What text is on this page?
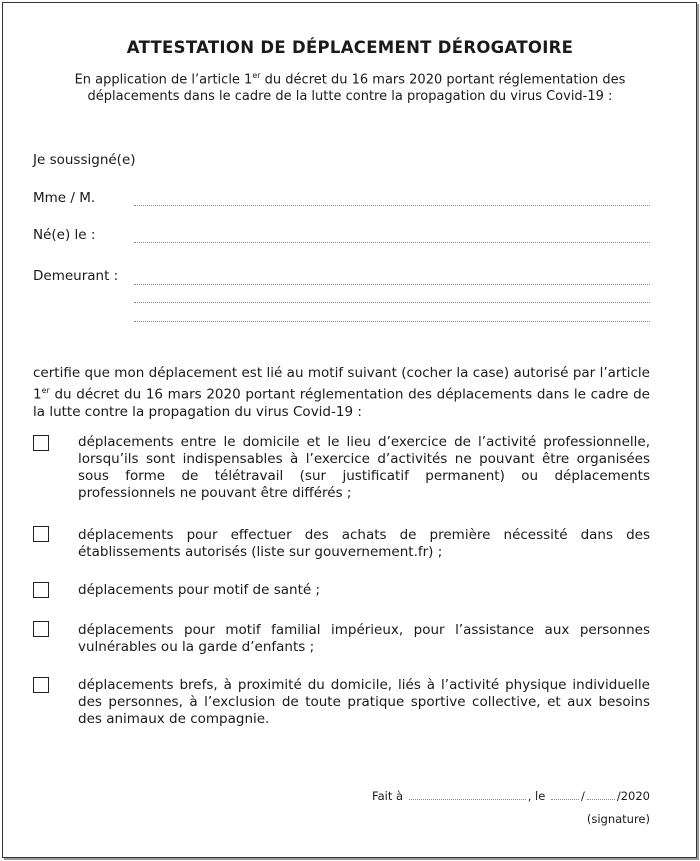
ATTESTATION DE DÉPLACEMENT DÉROGATOIRE
En application de l’article 1er du décret du 16 mars 2020 portant réglementation des
déplacements dans le cadre de la lutte contre la propagation du virus Covid-19 :
Je soussigné(e)
Mme / M.
Né(e) le :
Demeurant :
certifie que mon déplacement est lié au motif suivant (cocher la case) autorisé par l’article 1er du décret du 16 mars 2020 portant réglementation des déplacements dans le cadre de la lutte contre la propagation du virus Covid-19 :
déplacements entre le domicile et le lieu d’exercice de l’activité professionnelle, lorsqu’ils sont indispensables à l’exercice d’activités ne pouvant être organisées sous forme de télétravail (sur justificatif permanent) ou déplacements professionnels ne pouvant être différés ;
déplacements pour effectuer des achats de première nécessité dans des établissements autorisés (liste sur gouvernement.fr) ;
déplacements pour motif de santé ;
déplacements pour motif familial impérieux, pour l’assistance aux personnes vulnérables ou la garde d’enfants ;
déplacements brefs, à proximité du domicile, liés à l’activité physique individuelle des personnes, à l’exclusion de toute pratique sportive collective, et aux besoins des animaux de compagnie.
Fait à	, le	/	/2020
(signature)
